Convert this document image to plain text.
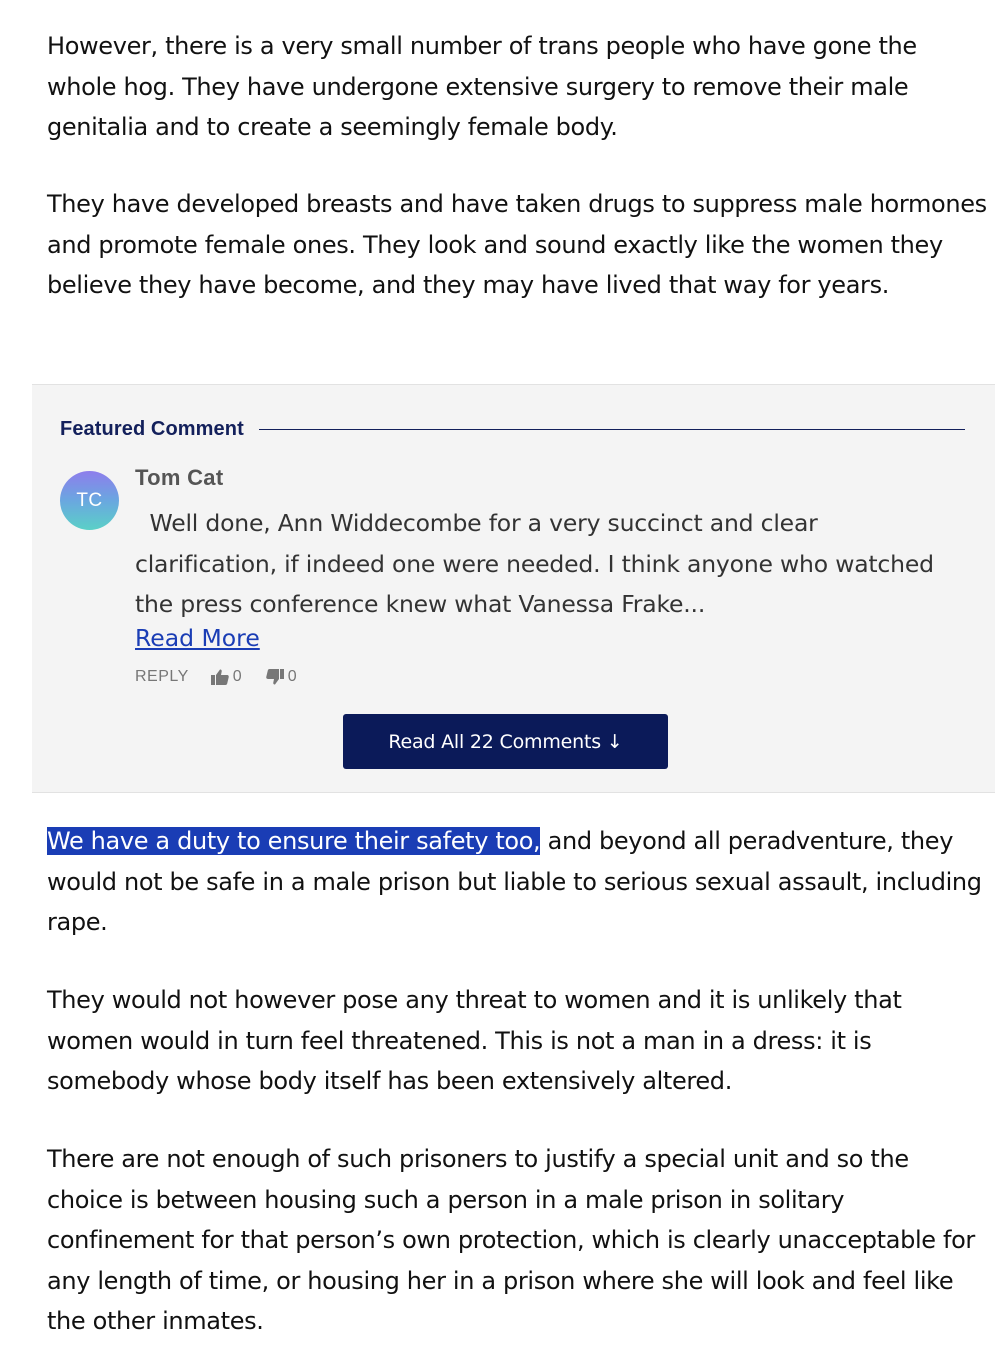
However, there is a very small number of trans people who have gone the whole hog. They have undergone extensive surgery to remove their male genitalia and to create a seemingly female body.

They have developed breasts and have taken drugs to suppress male hormones and promote female ones. They look and sound exactly like the women they believe they have become, and they may have lived that way for years.

Featured Comment
TC
Tom Cat

Well done, Ann Widdecombe for a very succinct and clear clarification, if indeed one were needed. I think anyone who watched the press conference knew what Vanessa Frake...

Read More
REPLY	0	0
Read All 22 Comments ↓

We have a duty to ensure their safety too, and beyond all peradventure, they would not be safe in a male prison but liable to serious sexual assault, including rape.

They would not however pose any threat to women and it is unlikely that women would in turn feel threatened. This is not a man in a dress: it is somebody whose body itself has been extensively altered.

There are not enough of such prisoners to justify a special unit and so the choice is between housing such a person in a male prison in solitary confinement for that person’s own protection, which is clearly unacceptable for any length of time, or housing her in a prison where she will look and feel like the other inmates.
